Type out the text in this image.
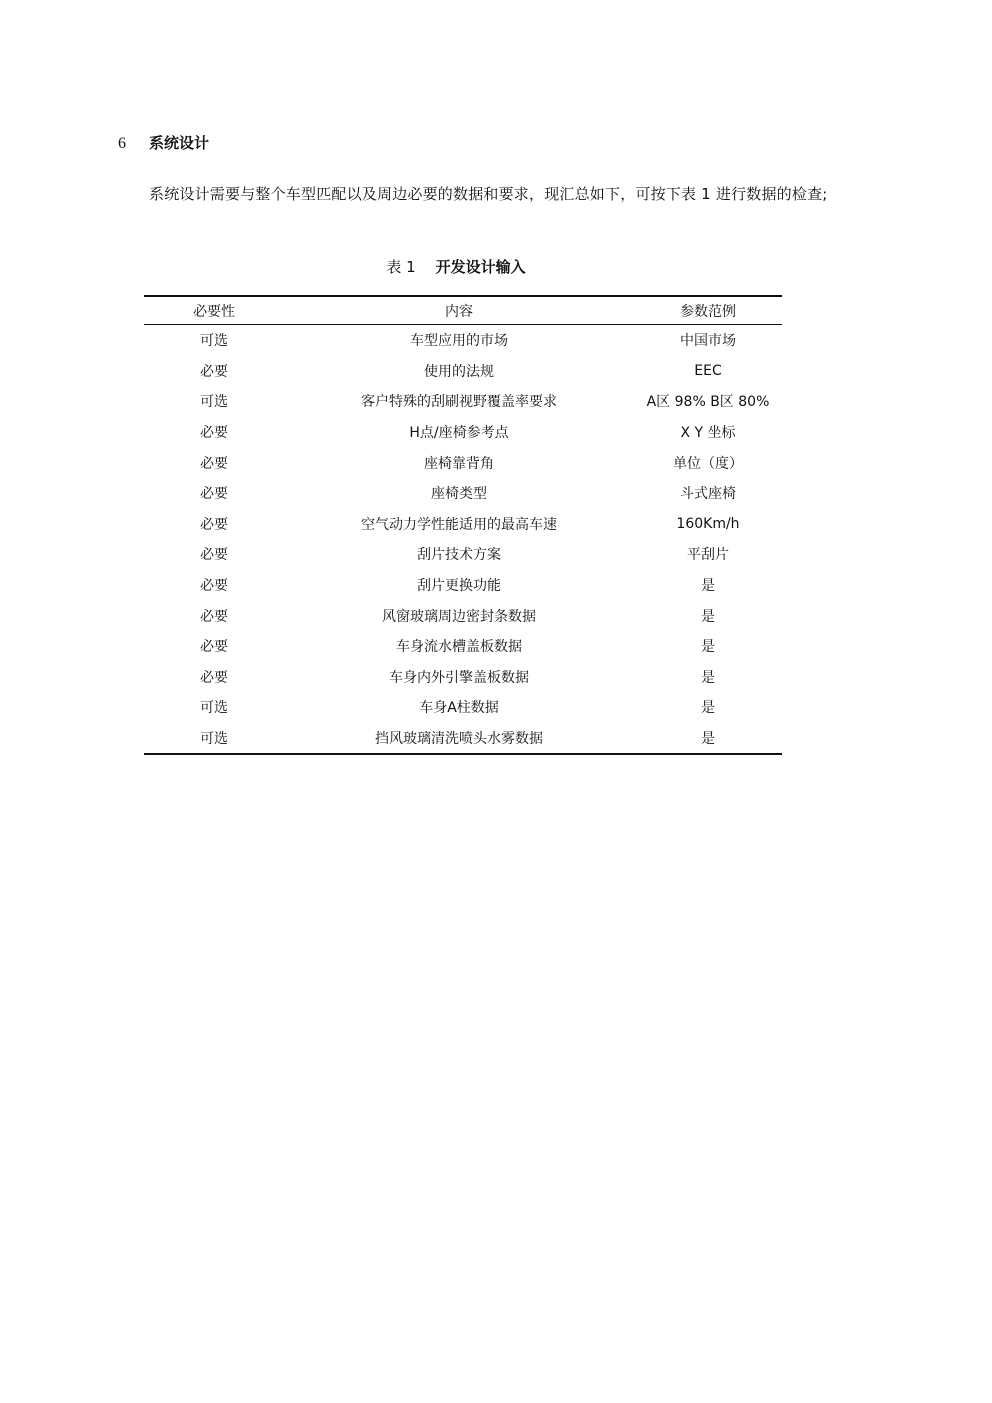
6 系统设计
系统设计需要与整个车型匹配以及周边必要的数据和要求，现汇总如下，可按下表 1 进行数据的检查;
表 1 开发设计输入
必要性	内容	参数范例
可选	车型应用的市场	中国市场
必要	使用的法规	EEC
可选	客户特殊的刮刷视野覆盖率要求	A区 98% B区 80%
必要	H点/座椅参考点	X Y 坐标
必要	座椅靠背角	单位（度）
必要	座椅类型	斗式座椅
必要	空气动力学性能适用的最高车速	160Km/h
必要	刮片技术方案	平刮片
必要	刮片更换功能	是
必要	风窗玻璃周边密封条数据	是
必要	车身流水槽盖板数据	是
必要	车身内外引擎盖板数据	是
可选	车身A柱数据	是
可选	挡风玻璃清洗喷头水雾数据	是
